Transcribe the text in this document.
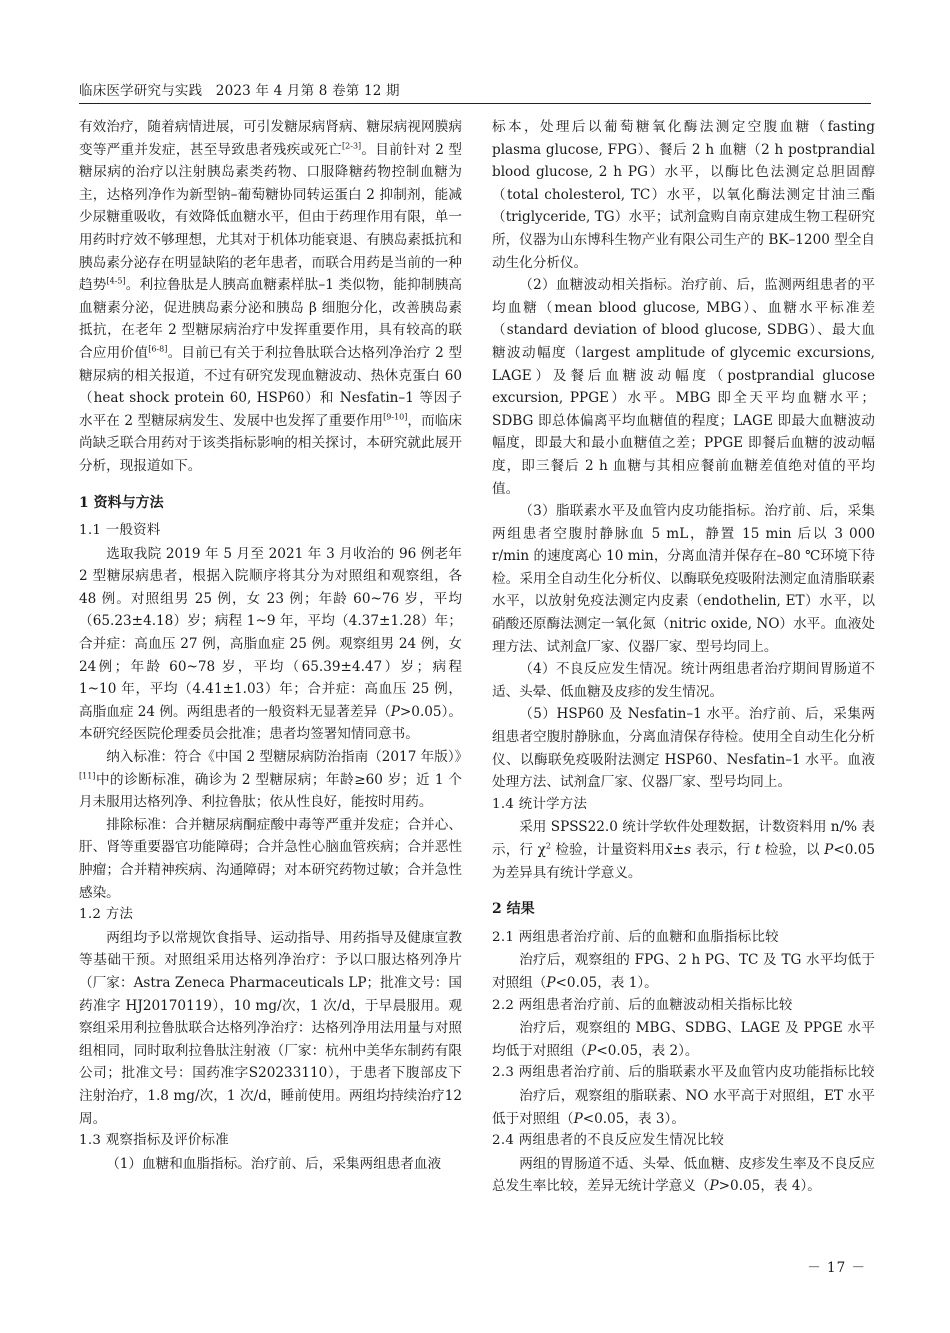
临床医学研究与实践 2023 年 4 月第 8 卷第 12 期

有效治疗，随着病情进展，可引发糖尿病肾病、糖尿病视网膜病变等严重并发症，甚至导致患者残疾或死亡[2-3]。目前针对 2 型糖尿病的治疗以注射胰岛素类药物、口服降糖药物控制血糖为主，达格列净作为新型钠–葡萄糖协同转运蛋白 2 抑制剂，能减少尿糖重吸收，有效降低血糖水平，但由于药理作用有限，单一用药时疗效不够理想，尤其对于机体功能衰退、有胰岛素抵抗和胰岛素分泌存在明显缺陷的老年患者，而联合用药是当前的一种趋势[4-5]。利拉鲁肽是人胰高血糖素样肽–1 类似物，能抑制胰高血糖素分泌，促进胰岛素分泌和胰岛 β 细胞分化，改善胰岛素抵抗，在老年 2 型糖尿病治疗中发挥重要作用，具有较高的联合应用价值[6-8]。目前已有关于利拉鲁肽联合达格列净治疗 2 型糖尿病的相关报道，不过有研究发现血糖波动、热休克蛋白 60（heat shock protein 60, HSP60）和 Nesfatin–1 等因子水平在 2 型糖尿病发生、发展中也发挥了重要作用[9-10]，而临床尚缺乏联合用药对于该类指标影响的相关探讨，本研究就此展开分析，现报道如下。

1 资料与方法
1.1 一般资料

选取我院 2019 年 5 月至 2021 年 3 月收治的 96 例老年 2 型糖尿病患者，根据入院顺序将其分为对照组和观察组，各 48 例。对照组男 25 例，女 23 例；年龄 60~76 岁，平均（65.23±4.18）岁；病程 1~9 年，平均（4.37±1.28）年；合并症：高血压 27 例，高脂血症 25 例。观察组男 24 例，女 24例；年龄 60~78 岁，平均（65.39±4.47）岁；病程 1~10 年，平均（4.41±1.03）年；合并症：高血压 25 例，高脂血症 24 例。两组患者的一般资料无显著差异（P>0.05）。本研究经医院伦理委员会批准；患者均签署知情同意书。

纳入标准：符合《中国 2 型糖尿病防治指南（2017 年版）》[11]中的诊断标准，确诊为 2 型糖尿病；年龄≥60 岁；近 1 个月未服用达格列净、利拉鲁肽；依从性良好，能按时用药。

排除标准：合并糖尿病酮症酸中毒等严重并发症；合并心、肝、肾等重要器官功能障碍；合并急性心脑血管疾病；合并恶性肿瘤；合并精神疾病、沟通障碍；对本研究药物过敏；合并急性感染。

1.2 方法

两组均予以常规饮食指导、运动指导、用药指导及健康宣教等基础干预。对照组采用达格列净治疗：予以口服达格列净片（厂家：Astra Zeneca Pharmaceuticals LP；批准文号：国药准字 HJ20170119），10 mg/次，1 次/d，于早晨服用。观察组采用利拉鲁肽联合达格列净治疗：达格列净用法用量与对照组相同，同时取利拉鲁肽注射液（厂家：杭州中美华东制药有限公司；批准文号：国药准字S20233110），于患者下腹部皮下注射治疗，1.8 mg/次，1 次/d，睡前使用。两组均持续治疗12 周。

1.3 观察指标及评价标准

（1）血糖和血脂指标。治疗前、后，采集两组患者血液

标本，处理后以葡萄糖氧化酶法测定空腹血糖（fasting plasma glucose, FPG）、餐后 2 h 血糖（2 h postprandial blood glucose, 2 h PG）水平，以酶比色法测定总胆固醇（total cholesterol, TC）水平，以氧化酶法测定甘油三酯（triglyceride, TG）水平；试剂盒购自南京建成生物工程研究所，仪器为山东博科生物产业有限公司生产的 BK–1200 型全自动生化分析仪。

（2）血糖波动相关指标。治疗前、后，监测两组患者的平均血糖（mean blood glucose, MBG）、血糖水平标准差（standard deviation of blood glucose, SDBG）、最大血糖波动幅度（largest amplitude of glycemic excursions, LAGE）及餐后血糖波动幅度（postprandial glucose excursion, PPGE）水平。MBG 即全天平均血糖水平；SDBG 即总体偏离平均血糖值的程度；LAGE 即最大血糖波动幅度，即最大和最小血糖值之差；PPGE 即餐后血糖的波动幅度，即三餐后 2 h 血糖与其相应餐前血糖差值绝对值的平均值。

（3）脂联素水平及血管内皮功能指标。治疗前、后，采集两组患者空腹肘静脉血 5 mL，静置 15 min 后以 3 000 r/min 的速度离心 10 min，分离血清并保存在–80 ℃环境下待检。采用全自动生化分析仪、以酶联免疫吸附法测定血清脂联素水平，以放射免疫法测定内皮素（endothelin, ET）水平，以硝酸还原酶法测定一氧化氮（nitric oxide, NO）水平。血液处理方法、试剂盒厂家、仪器厂家、型号均同上。

（4）不良反应发生情况。统计两组患者治疗期间胃肠道不适、头晕、低血糖及皮疹的发生情况。

（5）HSP60 及 Nesfatin–1 水平。治疗前、后，采集两组患者空腹肘静脉血，分离血清保存待检。使用全自动生化分析仪、以酶联免疫吸附法测定 HSP60、Nesfatin–1 水平。血液处理方法、试剂盒厂家、仪器厂家、型号均同上。

1.4 统计学方法

采用 SPSS22.0 统计学软件处理数据，计数资料用 n/% 表示，行 $\chi^2$ 检验，计量资料用x̄±s 表示，行 t 检验，以 P<0.05 为差异具有统计学意义。

2 结果
2.1 两组患者治疗前、后的血糖和血脂指标比较

治疗后，观察组的 FPG、2 h PG、TC 及 TG 水平均低于对照组（P<0.05，表 1）。

2.2 两组患者治疗前、后的血糖波动相关指标比较

治疗后，观察组的 MBG、SDBG、LAGE 及 PPGE 水平均低于对照组（P<0.05，表 2）。

2.3 两组患者治疗前、后的脂联素水平及血管内皮功能指标比较

治疗后，观察组的脂联素、NO 水平高于对照组，ET 水平低于对照组（P<0.05，表 3）。

2.4 两组患者的不良反应发生情况比较

两组的胃肠道不适、头晕、低血糖、皮疹发生率及不良反应总发生率比较，差异无统计学意义（P>0.05，表 4）。

－ 17 －
